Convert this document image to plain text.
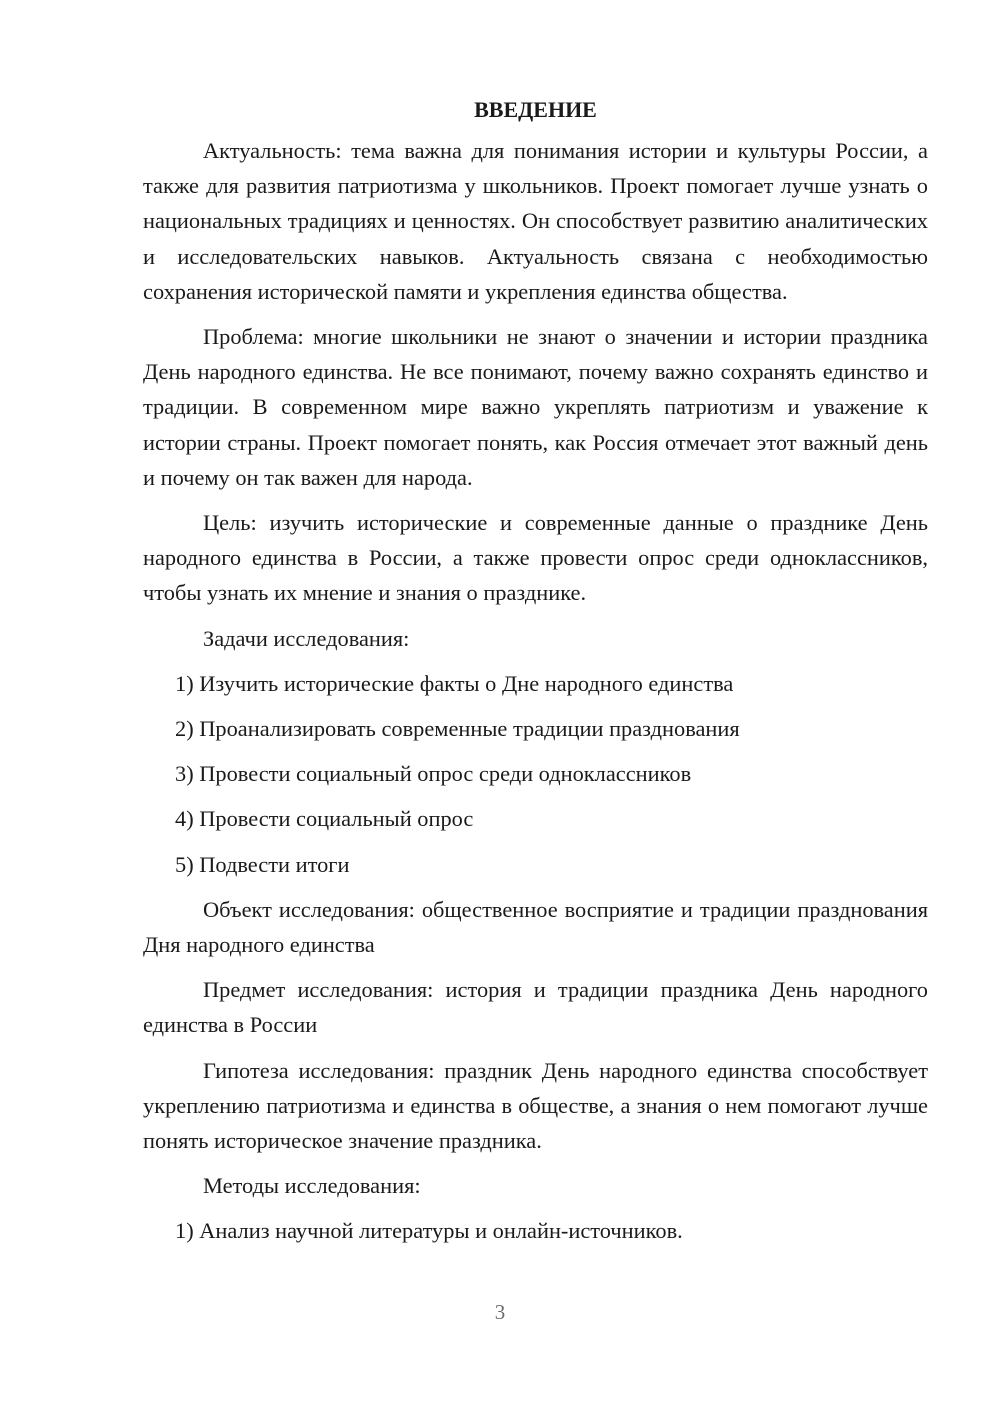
ВВЕДЕНИЕ

Актуальность: тема важна для понимания истории и культуры России, а также для развития патриотизма у школьников. Проект помогает лучше узнать о национальных традициях и ценностях. Он способствует развитию аналитических и исследовательских навыков. Актуальность связана с необходимостью сохранения исторической памяти и укрепления единства общества.

Проблема: многие школьники не знают о значении и истории праздника День народного единства. Не все понимают, почему важно сохранять единство и традиции. В современном мире важно укреплять патриотизм и уважение к истории страны. Проект помогает понять, как Россия отмечает этот важный день и почему он так важен для народа.

Цель: изучить исторические и современные данные о празднике День народного единства в России, а также провести опрос среди одноклассников, чтобы узнать их мнение и знания о празднике.

Задачи исследования:

1) Изучить исторические факты о Дне народного единства
2) Проанализировать современные традиции празднования
3) Провести социальный опрос среди одноклассников
4) Провести социальный опрос
5) Подвести итоги

Объект исследования: общественное восприятие и традиции празднования Дня народного единства

Предмет исследования: история и традиции праздника День народного единства в России

Гипотеза исследования: праздник День народного единства способствует укреплению патриотизма и единства в обществе, а знания о нем помогают лучше понять историческое значение праздника.

Методы исследования:

1) Анализ научной литературы и онлайн-источников.
3
